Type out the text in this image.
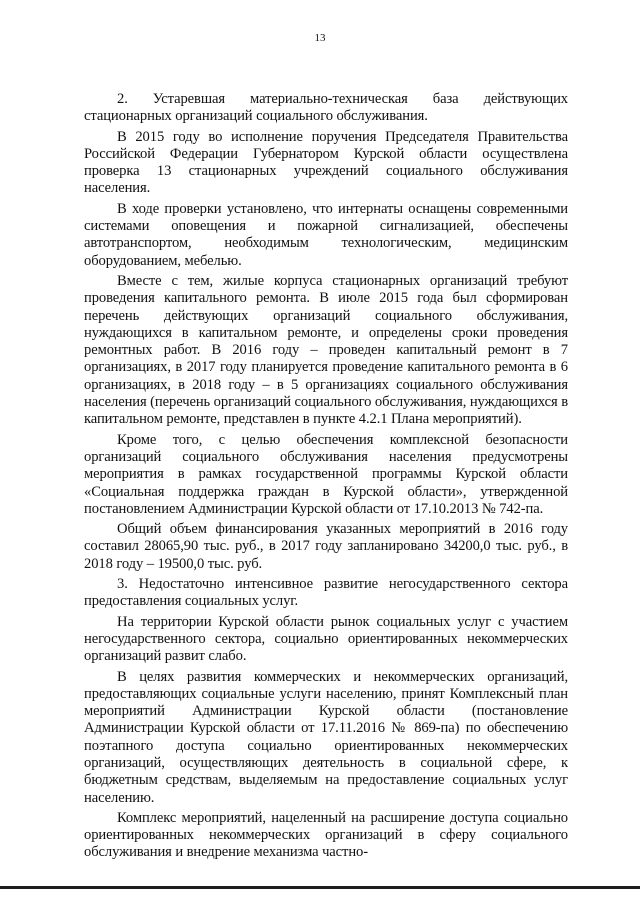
13

2. Устаревшая материально-техническая база действующих стационарных организаций социального обслуживания.

В 2015 году во исполнение поручения Председателя Правительства Российской Федерации Губернатором Курской области осуществлена проверка 13 стационарных учреждений социального обслуживания населения.

В ходе проверки установлено, что интернаты оснащены современными системами оповещения и пожарной сигнализацией, обеспечены автотранспортом, необходимым технологическим, медицинским оборудованием, мебелью.

Вместе с тем, жилые корпуса стационарных организаций требуют проведения капитального ремонта. В июле 2015 года был сформирован перечень действующих организаций социального обслуживания, нуждающихся в капитальном ремонте, и определены сроки проведения ремонтных работ. В 2016 году – проведен капитальный ремонт в 7 организациях, в 2017 году планируется проведение капитального ремонта в 6 организациях, в 2018 году – в 5 организациях социального обслуживания населения (перечень организаций социального обслуживания, нуждающихся в капитальном ремонте, представлен в пункте 4.2.1 Плана мероприятий).

Кроме того, с целью обеспечения комплексной безопасности организаций социального обслуживания населения предусмотрены мероприятия в рамках государственной программы Курской области «Социальная поддержка граждан в Курской области», утвержденной постановлением Администрации Курской области от 17.10.2013 № 742-па.

Общий объем финансирования указанных мероприятий в 2016 году составил 28065,90 тыс. руб., в 2017 году запланировано 34200,0 тыс. руб., в 2018 году – 19500,0 тыс. руб.

3. Недостаточно интенсивное развитие негосударственного сектора предоставления социальных услуг.

На территории Курской области рынок социальных услуг с участием негосударственного сектора, социально ориентированных некоммерческих организаций развит слабо.

В целях развития коммерческих и некоммерческих организаций, предоставляющих социальные услуги населению, принят Комплексный план мероприятий Администрации Курской области (постановление Администрации Курской области от 17.11.2016 № 869-па) по обеспечению поэтапного доступа социально ориентированных некоммерческих организаций, осуществляющих деятельность в социальной сфере, к бюджетным средствам, выделяемым на предоставление социальных услуг населению.

Комплекс мероприятий, нацеленный на расширение доступа социально ориентированных некоммерческих организаций в сферу социального обслуживания и внедрение механизма частно-
